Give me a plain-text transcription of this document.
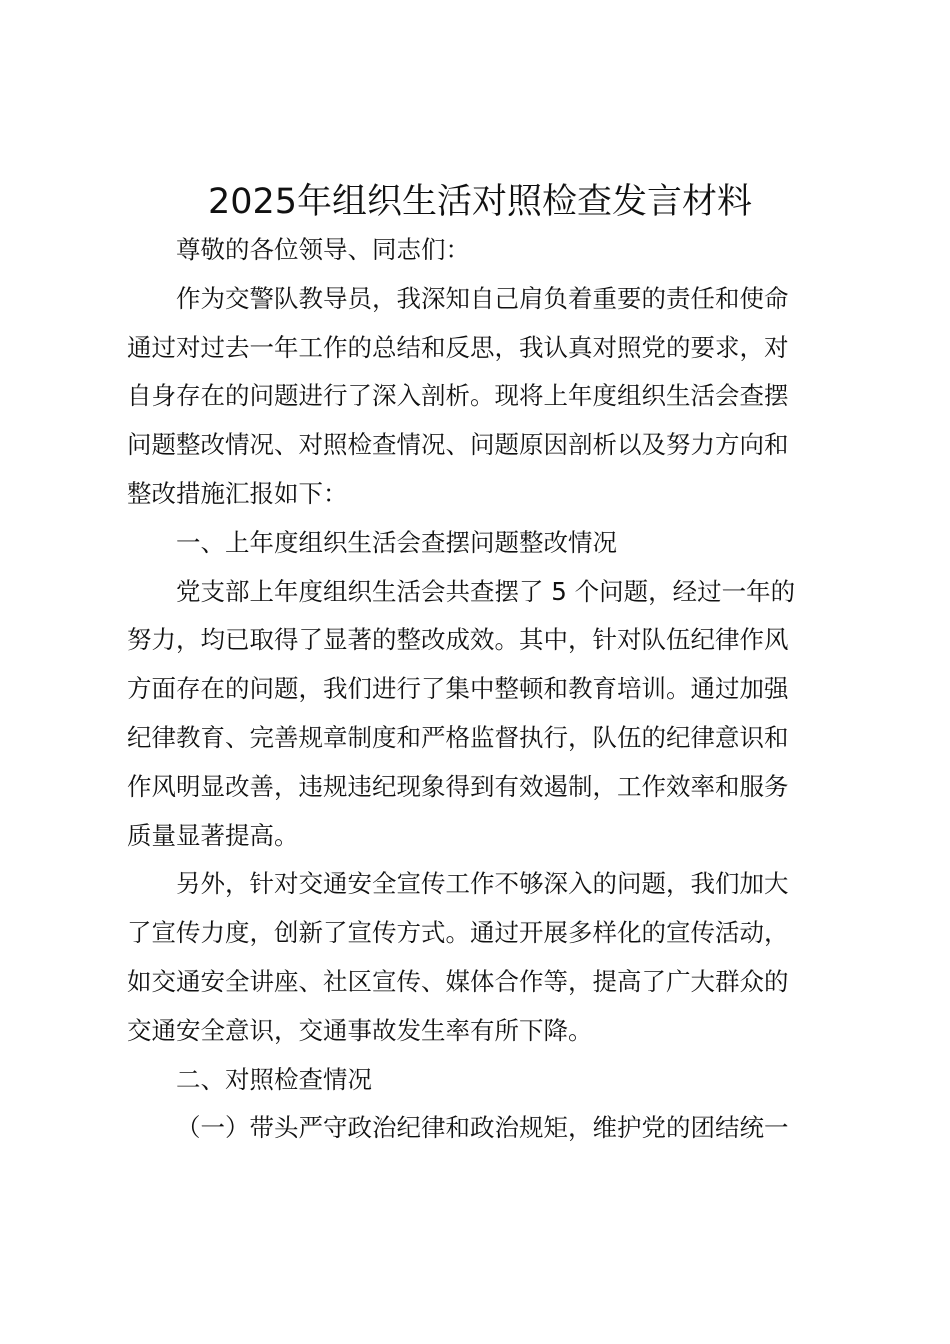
2025年组织生活对照检查发言材料
尊敬的各位领导、同志们：
作为交警队教导员，我深知自己肩负着重要的责任和使命
通过对过去一年工作的总结和反思，我认真对照党的要求，对
自身存在的问题进行了深入剖析。现将上年度组织生活会查摆
问题整改情况、对照检查情况、问题原因剖析以及努力方向和
整改措施汇报如下：
一、上年度组织生活会查摆问题整改情况
党支部上年度组织生活会共查摆了 5 个问题，经过一年的
努力，均已取得了显著的整改成效。其中，针对队伍纪律作风
方面存在的问题，我们进行了集中整顿和教育培训。通过加强
纪律教育、完善规章制度和严格监督执行，队伍的纪律意识和
作风明显改善，违规违纪现象得到有效遏制，工作效率和服务
质量显著提高。
另外，针对交通安全宣传工作不够深入的问题，我们加大
了宣传力度，创新了宣传方式。通过开展多样化的宣传活动，
如交通安全讲座、社区宣传、媒体合作等，提高了广大群众的
交通安全意识，交通事故发生率有所下降。
二、对照检查情况
（一）带头严守政治纪律和政治规矩，维护党的团结统一
